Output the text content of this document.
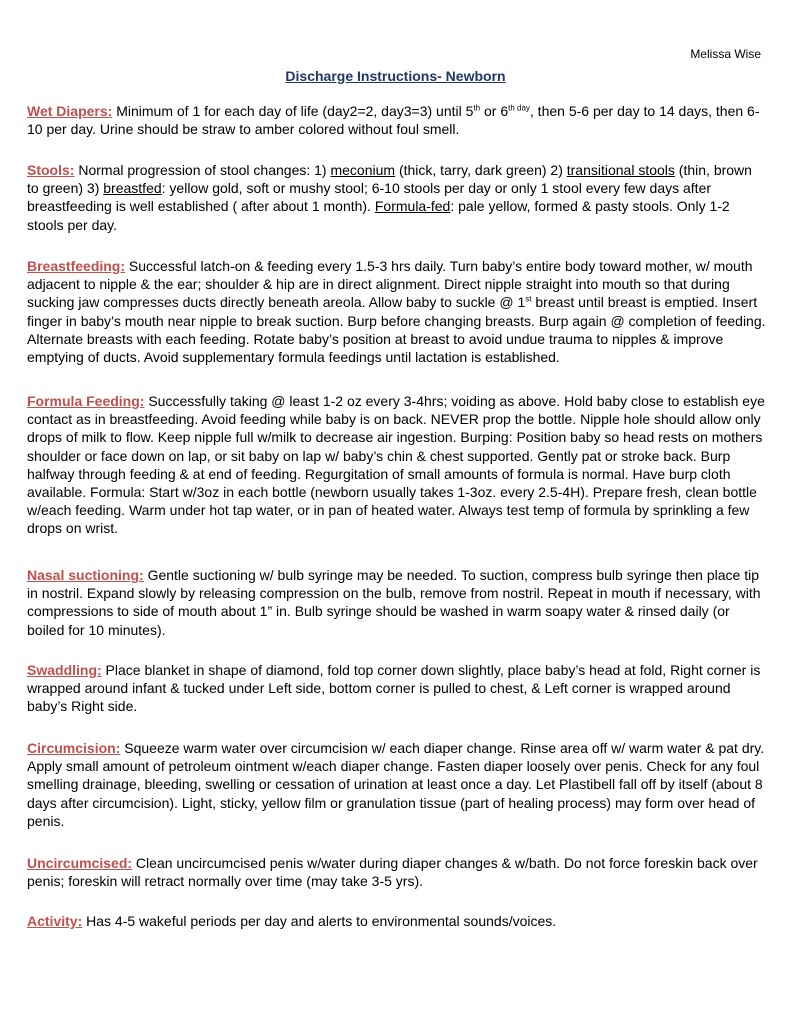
Melissa Wise
Discharge Instructions- Newborn

Wet Diapers: Minimum of 1 for each day of life (day2=2, day3=3) until 5th or $6^{th day}$, then 5-6 per day to 14 days, then 6-10 per day. Urine should be straw to amber colored without foul smell.

Stools: Normal progression of stool changes: 1) meconium (thick, tarry, dark green) 2) transitional stools (thin, brown to green) 3) breastfed: yellow gold, soft or mushy stool; 6-10 stools per day or only 1 stool every few days after breastfeeding is well established ( after about 1 month). Formula-fed: pale yellow, formed & pasty stools. Only 1-2 stools per day.

Breastfeeding: Successful latch-on & feeding every 1.5-3 hrs daily. Turn baby’s entire body toward mother, w/ mouth adjacent to nipple & the ear; shoulder & hip are in direct alignment. Direct nipple straight into mouth so that during sucking jaw compresses ducts directly beneath areola. Allow baby to suckle @ 1st breast until breast is emptied. Insert finger in baby’s mouth near nipple to break suction. Burp before changing breasts. Burp again @ completion of feeding. Alternate breasts with each feeding. Rotate baby’s position at breast to avoid undue trauma to nipples & improve emptying of ducts. Avoid supplementary formula feedings until lactation is established.

Formula Feeding: Successfully taking @ least 1-2 oz every 3-4hrs; voiding as above. Hold baby close to establish eye contact as in breastfeeding. Avoid feeding while baby is on back. NEVER prop the bottle. Nipple hole should allow only drops of milk to flow. Keep nipple full w/milk to decrease air ingestion. Burping: Position baby so head rests on mothers shoulder or face down on lap, or sit baby on lap w/ baby’s chin & chest supported. Gently pat or stroke back. Burp halfway through feeding & at end of feeding. Regurgitation of small amounts of formula is normal. Have burp cloth available. Formula: Start w/3oz in each bottle (newborn usually takes 1-3oz. every 2.5-4H). Prepare fresh, clean bottle w/each feeding. Warm under hot tap water, or in pan of heated water. Always test temp of formula by sprinkling a few drops on wrist.

Nasal suctioning: Gentle suctioning w/ bulb syringe may be needed. To suction, compress bulb syringe then place tip in nostril. Expand slowly by releasing compression on the bulb, remove from nostril. Repeat in mouth if necessary, with compressions to side of mouth about 1” in. Bulb syringe should be washed in warm soapy water & rinsed daily (or boiled for 10 minutes).

Swaddling: Place blanket in shape of diamond, fold top corner down slightly, place baby’s head at fold, Right corner is wrapped around infant & tucked under Left side, bottom corner is pulled to chest, & Left corner is wrapped around baby’s Right side.

Circumcision: Squeeze warm water over circumcision w/ each diaper change. Rinse area off w/ warm water & pat dry. Apply small amount of petroleum ointment w/each diaper change. Fasten diaper loosely over penis. Check for any foul smelling drainage, bleeding, swelling or cessation of urination at least once a day. Let Plastibell fall off by itself (about 8 days after circumcision). Light, sticky, yellow film or granulation tissue (part of healing process) may form over head of penis.

Uncircumcised: Clean uncircumcised penis w/water during diaper changes & w/bath. Do not force foreskin back over penis; foreskin will retract normally over time (may take 3-5 yrs).

Activity: Has 4-5 wakeful periods per day and alerts to environmental sounds/voices.
